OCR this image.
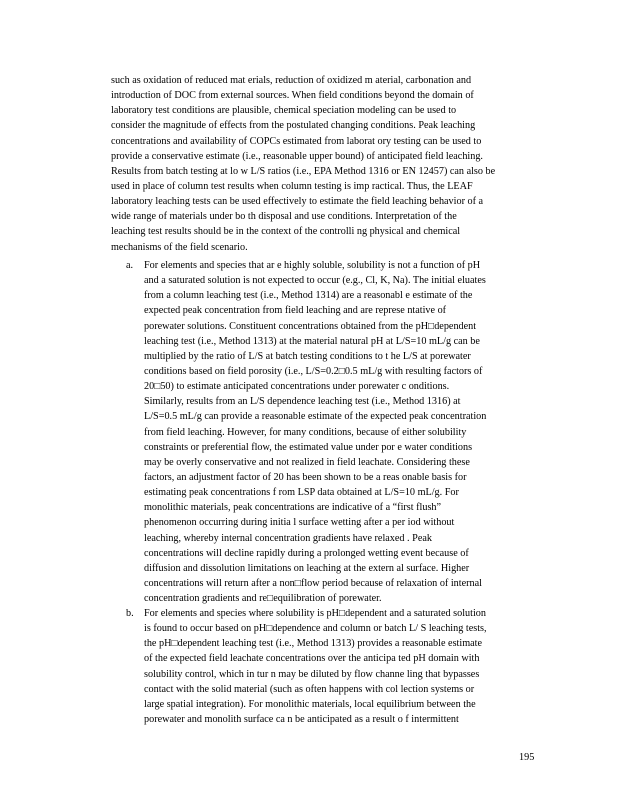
such as oxidation of reduced mat erials, reduction of oxidized m aterial, carbonation and
introduction of DOC from external sources. When field conditions beyond the domain of
laboratory test conditions are plausible, chemical speciation modeling can be used to
consider the magnitude of effects from the postulated changing conditions. Peak leaching
concentrations and availability of COPCs estimated from laborat ory testing can be used to
provide a conservative estimate (i.e., reasonable upper bound) of anticipated field leaching.
Results from batch testing at lo w L/S ratios (i.e., EPA Method 1316 or EN 12457) can also be
used in place of column test results when column testing is imp ractical. Thus, the LEAF
laboratory leaching tests can be used effectively to estimate the field leaching behavior of a
wide range of materials under bo th disposal and use conditions. Interpretation of the
leaching test results should be in the context of the controlli ng physical and chemical
mechanisms of the field scenario.
a. For elements and species that ar e highly soluble, solubility is not a function of pH
and a saturated solution is not expected to occur (e.g., Cl, K, Na). The initial eluates
from a column leaching test (i.e., Method 1314) are a reasonabl e estimate of the
expected peak concentration from field leaching and are represe ntative of
porewater solutions. Constituent concentrations obtained from the pH□dependent
leaching test (i.e., Method 1313) at the material natural pH at L/S=10 mL/g can be
multiplied by the ratio of L/S at batch testing conditions to t he L/S at porewater
conditions based on field porosity (i.e., L/S=0.2□0.5 mL/g with resulting factors of
20□50) to estimate anticipated concentrations under porewater c onditions.
Similarly, results from an L/S dependence leaching test (i.e., Method 1316) at
L/S=0.5 mL/g can provide a reasonable estimate of the expected peak concentration
from field leaching. However, for many conditions, because of either solubility
constraints or preferential flow, the estimated value under por e water conditions
may be overly conservative and not realized in field leachate. Considering these
factors, an adjustment factor of 20 has been shown to be a reas onable basis for
estimating peak concentrations f rom LSP data obtained at L/S=10 mL/g. For
monolithic materials, peak concentrations are indicative of a “first flush”
phenomenon occurring during initia l surface wetting after a per iod without
leaching, whereby internal concentration gradients have relaxed . Peak
concentrations will decline rapidly during a prolonged wetting event because of
diffusion and dissolution limitations on leaching at the extern al surface. Higher
concentrations will return after a non□flow period because of relaxation of internal
concentration gradients and re□equilibration of porewater.
b. For elements and species where solubility is pH□dependent and a saturated solution
is found to occur based on pH□dependence and column or batch L/ S leaching tests,
the pH□dependent leaching test (i.e., Method 1313) provides a reasonable estimate
of the expected field leachate concentrations over the anticipa ted pH domain with
solubility control, which in tur n may be diluted by flow channe ling that bypasses
contact with the solid material (such as often happens with col lection systems or
large spatial integration). For monolithic materials, local equilibrium between the
porewater and monolith surface ca n be anticipated as a result o f intermittent
195
